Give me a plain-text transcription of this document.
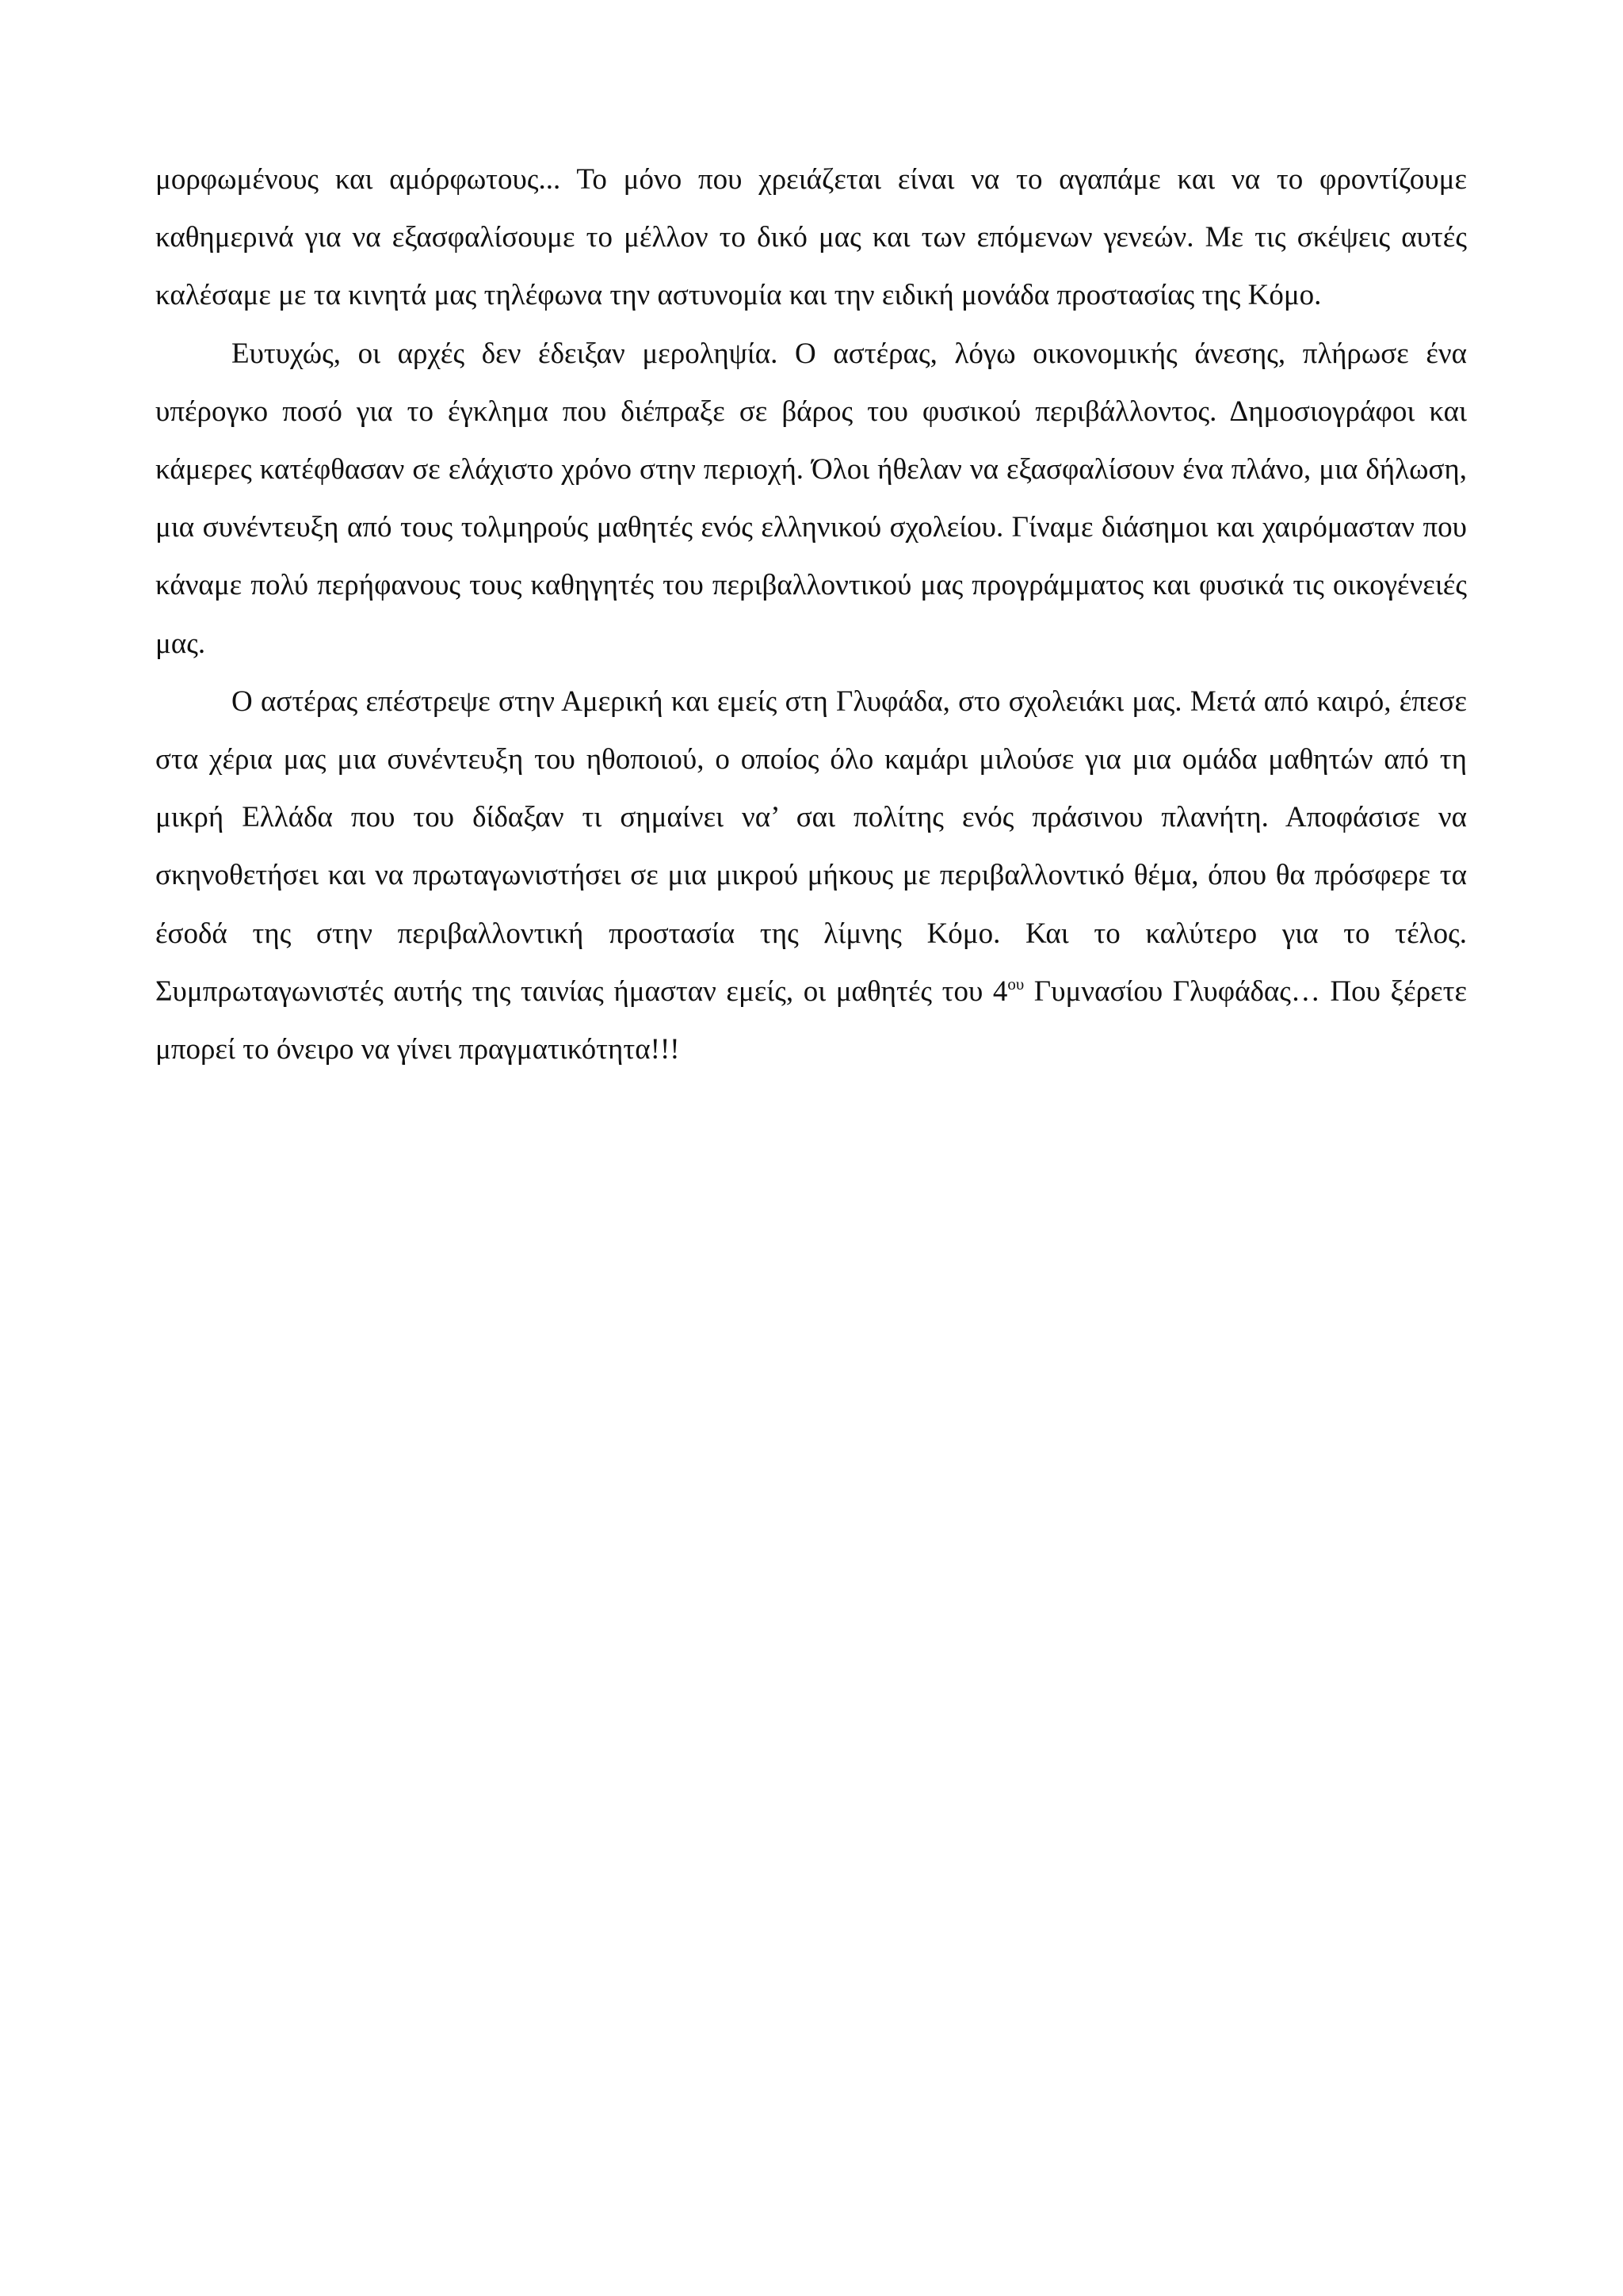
μορφωμένους και αμόρφωτους... Το μόνο που χρειάζεται είναι να το αγαπάμε και να το φροντίζουμε καθημερινά για να εξασφαλίσουμε το μέλλον το δικό μας και των επόμενων γενεών. Με τις σκέψεις αυτές καλέσαμε με τα κινητά μας τηλέφωνα την αστυνομία και την ειδική μονάδα προστασίας της Κόμο.

Ευτυχώς, οι αρχές δεν έδειξαν μεροληψία. Ο αστέρας, λόγω οικονομικής άνεσης, πλήρωσε ένα υπέρογκο ποσό για το έγκλημα που διέπραξε σε βάρος του φυσικού περιβάλλοντος. Δημοσιογράφοι και κάμερες κατέφθασαν σε ελάχιστο χρόνο στην περιοχή. Όλοι ήθελαν να εξασφαλίσουν ένα πλάνο, μια δήλωση, μια συνέντευξη από τους τολμηρούς μαθητές ενός ελληνικού σχολείου. Γίναμε διάσημοι και χαιρόμασταν που κάναμε πολύ περήφανους τους καθηγητές του περιβαλλοντικού μας προγράμματος και φυσικά τις οικογένειές μας.

Ο αστέρας επέστρεψε στην Αμερική και εμείς στη Γλυφάδα, στο σχολειάκι μας. Μετά από καιρό, έπεσε στα χέρια μας μια συνέντευξη του ηθοποιού, ο οποίος όλο καμάρι μιλούσε για μια ομάδα μαθητών από τη μικρή Ελλάδα που του δίδαξαν τι σημαίνει να’ σαι πολίτης ενός πράσινου πλανήτη. Αποφάσισε να σκηνοθετήσει και να πρωταγωνιστήσει σε μια μικρού μήκους με περιβαλλοντικό θέμα, όπου θα πρόσφερε τα έσοδά της στην περιβαλλοντική προστασία της λίμνης Κόμο. Και το καλύτερο για το τέλος. Συμπρωταγωνιστές αυτής της ταινίας ήμασταν εμείς, οι μαθητές του $4^{o\upsilon}$ Γυμνασίου Γλυφάδας… Που ξέρετε μπορεί το όνειρο να γίνει πραγματικότητα!!!
